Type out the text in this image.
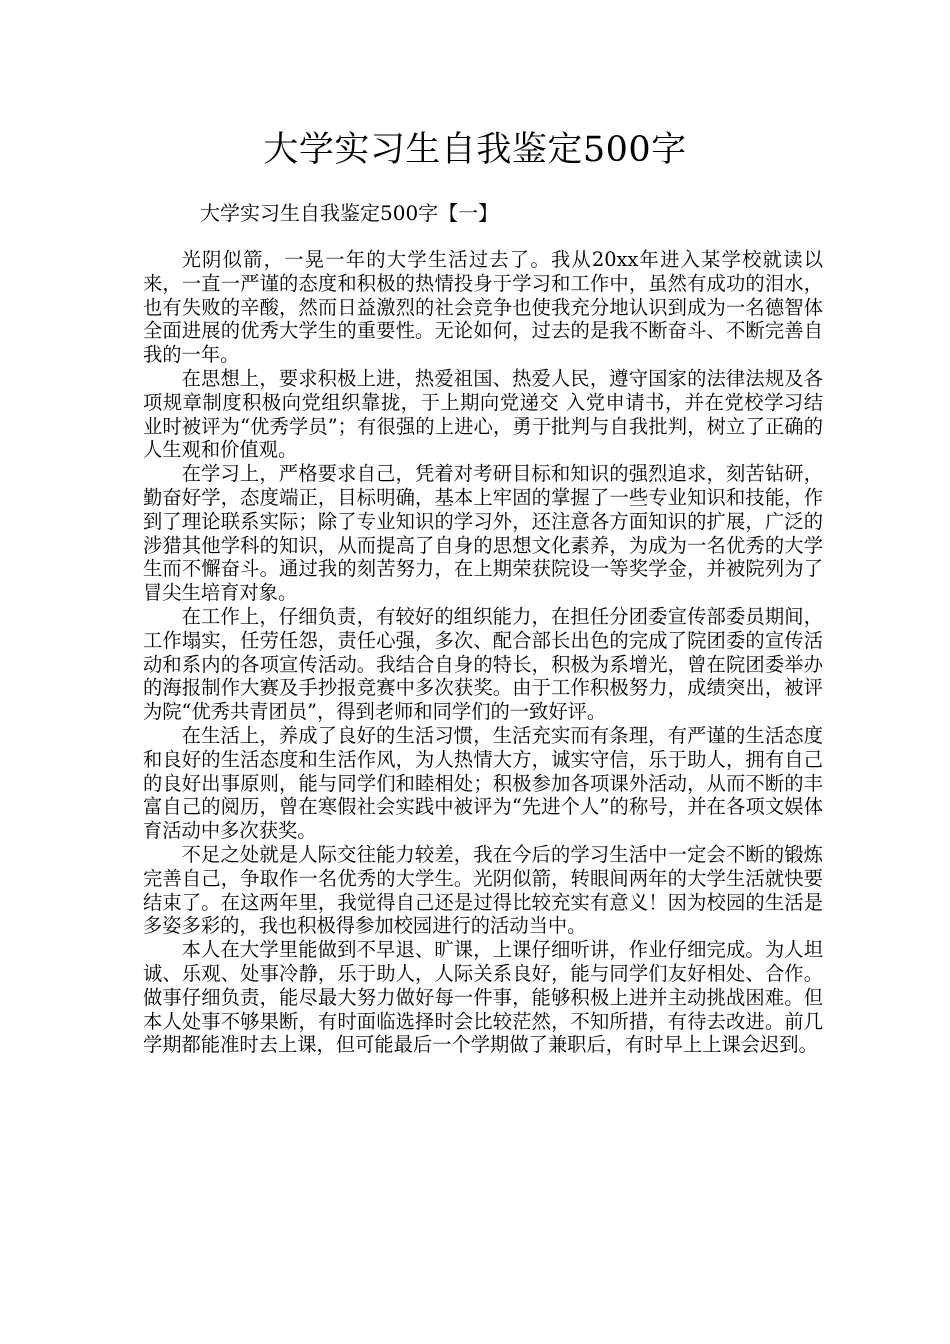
大学实习生自我鉴定500字
大学实习生自我鉴定500字【一】

光阴似箭，一晃一年的大学生活过去了。我从20xx年进入某学校就读以来，一直一严谨的态度和积极的热情投身于学习和工作中，虽然有成功的泪水，也有失败的辛酸，然而日益激烈的社会竞争也使我充分地认识到成为一名德智体全面进展的优秀大学生的重要性。无论如何，过去的是我不断奋斗、不断完善自我的一年。

在思想上，要求积极上进，热爱祖国、热爱人民，遵守国家的法律法规及各项规章制度积极向党组织靠拢，于上期向党递交 入党申请书，并在党校学习结业时被评为“优秀学员”；有很强的上进心，勇于批判与自我批判，树立了正确的人生观和价值观。

在学习上，严格要求自己，凭着对考研目标和知识的强烈追求，刻苦钻研，勤奋好学，态度端正，目标明确，基本上牢固的掌握了一些专业知识和技能，作到了理论联系实际；除了专业知识的学习外，还注意各方面知识的扩展，广泛的涉猎其他学科的知识，从而提高了自身的思想文化素养，为成为一名优秀的大学生而不懈奋斗。通过我的刻苦努力，在上期荣获院设一等奖学金，并被院列为了冒尖生培育对象。

在工作上，仔细负责，有较好的组织能力，在担任分团委宣传部委员期间，工作塌实，任劳任怨，责任心强，多次、配合部长出色的完成了院团委的宣传活动和系内的各项宣传活动。我结合自身的特长，积极为系增光，曾在院团委举办的海报制作大赛及手抄报竞赛中多次获奖。由于工作积极努力，成绩突出，被评为院“优秀共青团员”，得到老师和同学们的一致好评。

在生活上，养成了良好的生活习惯，生活充实而有条理，有严谨的生活态度和良好的生活态度和生活作风，为人热情大方，诚实守信，乐于助人，拥有自己的良好出事原则，能与同学们和睦相处；积极参加各项课外活动，从而不断的丰富自己的阅历，曾在寒假社会实践中被评为“先进个人”的称号，并在各项文娱体育活动中多次获奖。

不足之处就是人际交往能力较差，我在今后的学习生活中一定会不断的锻炼完善自己，争取作一名优秀的大学生。光阴似箭，转眼间两年的大学生活就快要结束了。在这两年里，我觉得自己还是过得比较充实有意义！因为校园的生活是多姿多彩的，我也积极得参加校园进行的活动当中。

本人在大学里能做到不早退、旷课，上课仔细听讲，作业仔细完成。为人坦诚、乐观、处事冷静，乐于助人，人际关系良好，能与同学们友好相处、合作。做事仔细负责，能尽最大努力做好每一件事，能够积极上进并主动挑战困难。但本人处事不够果断，有时面临选择时会比较茫然，不知所措，有待去改进。前几学期都能准时去上课，但可能最后一个学期做了兼职后，有时早上上课会迟到。
